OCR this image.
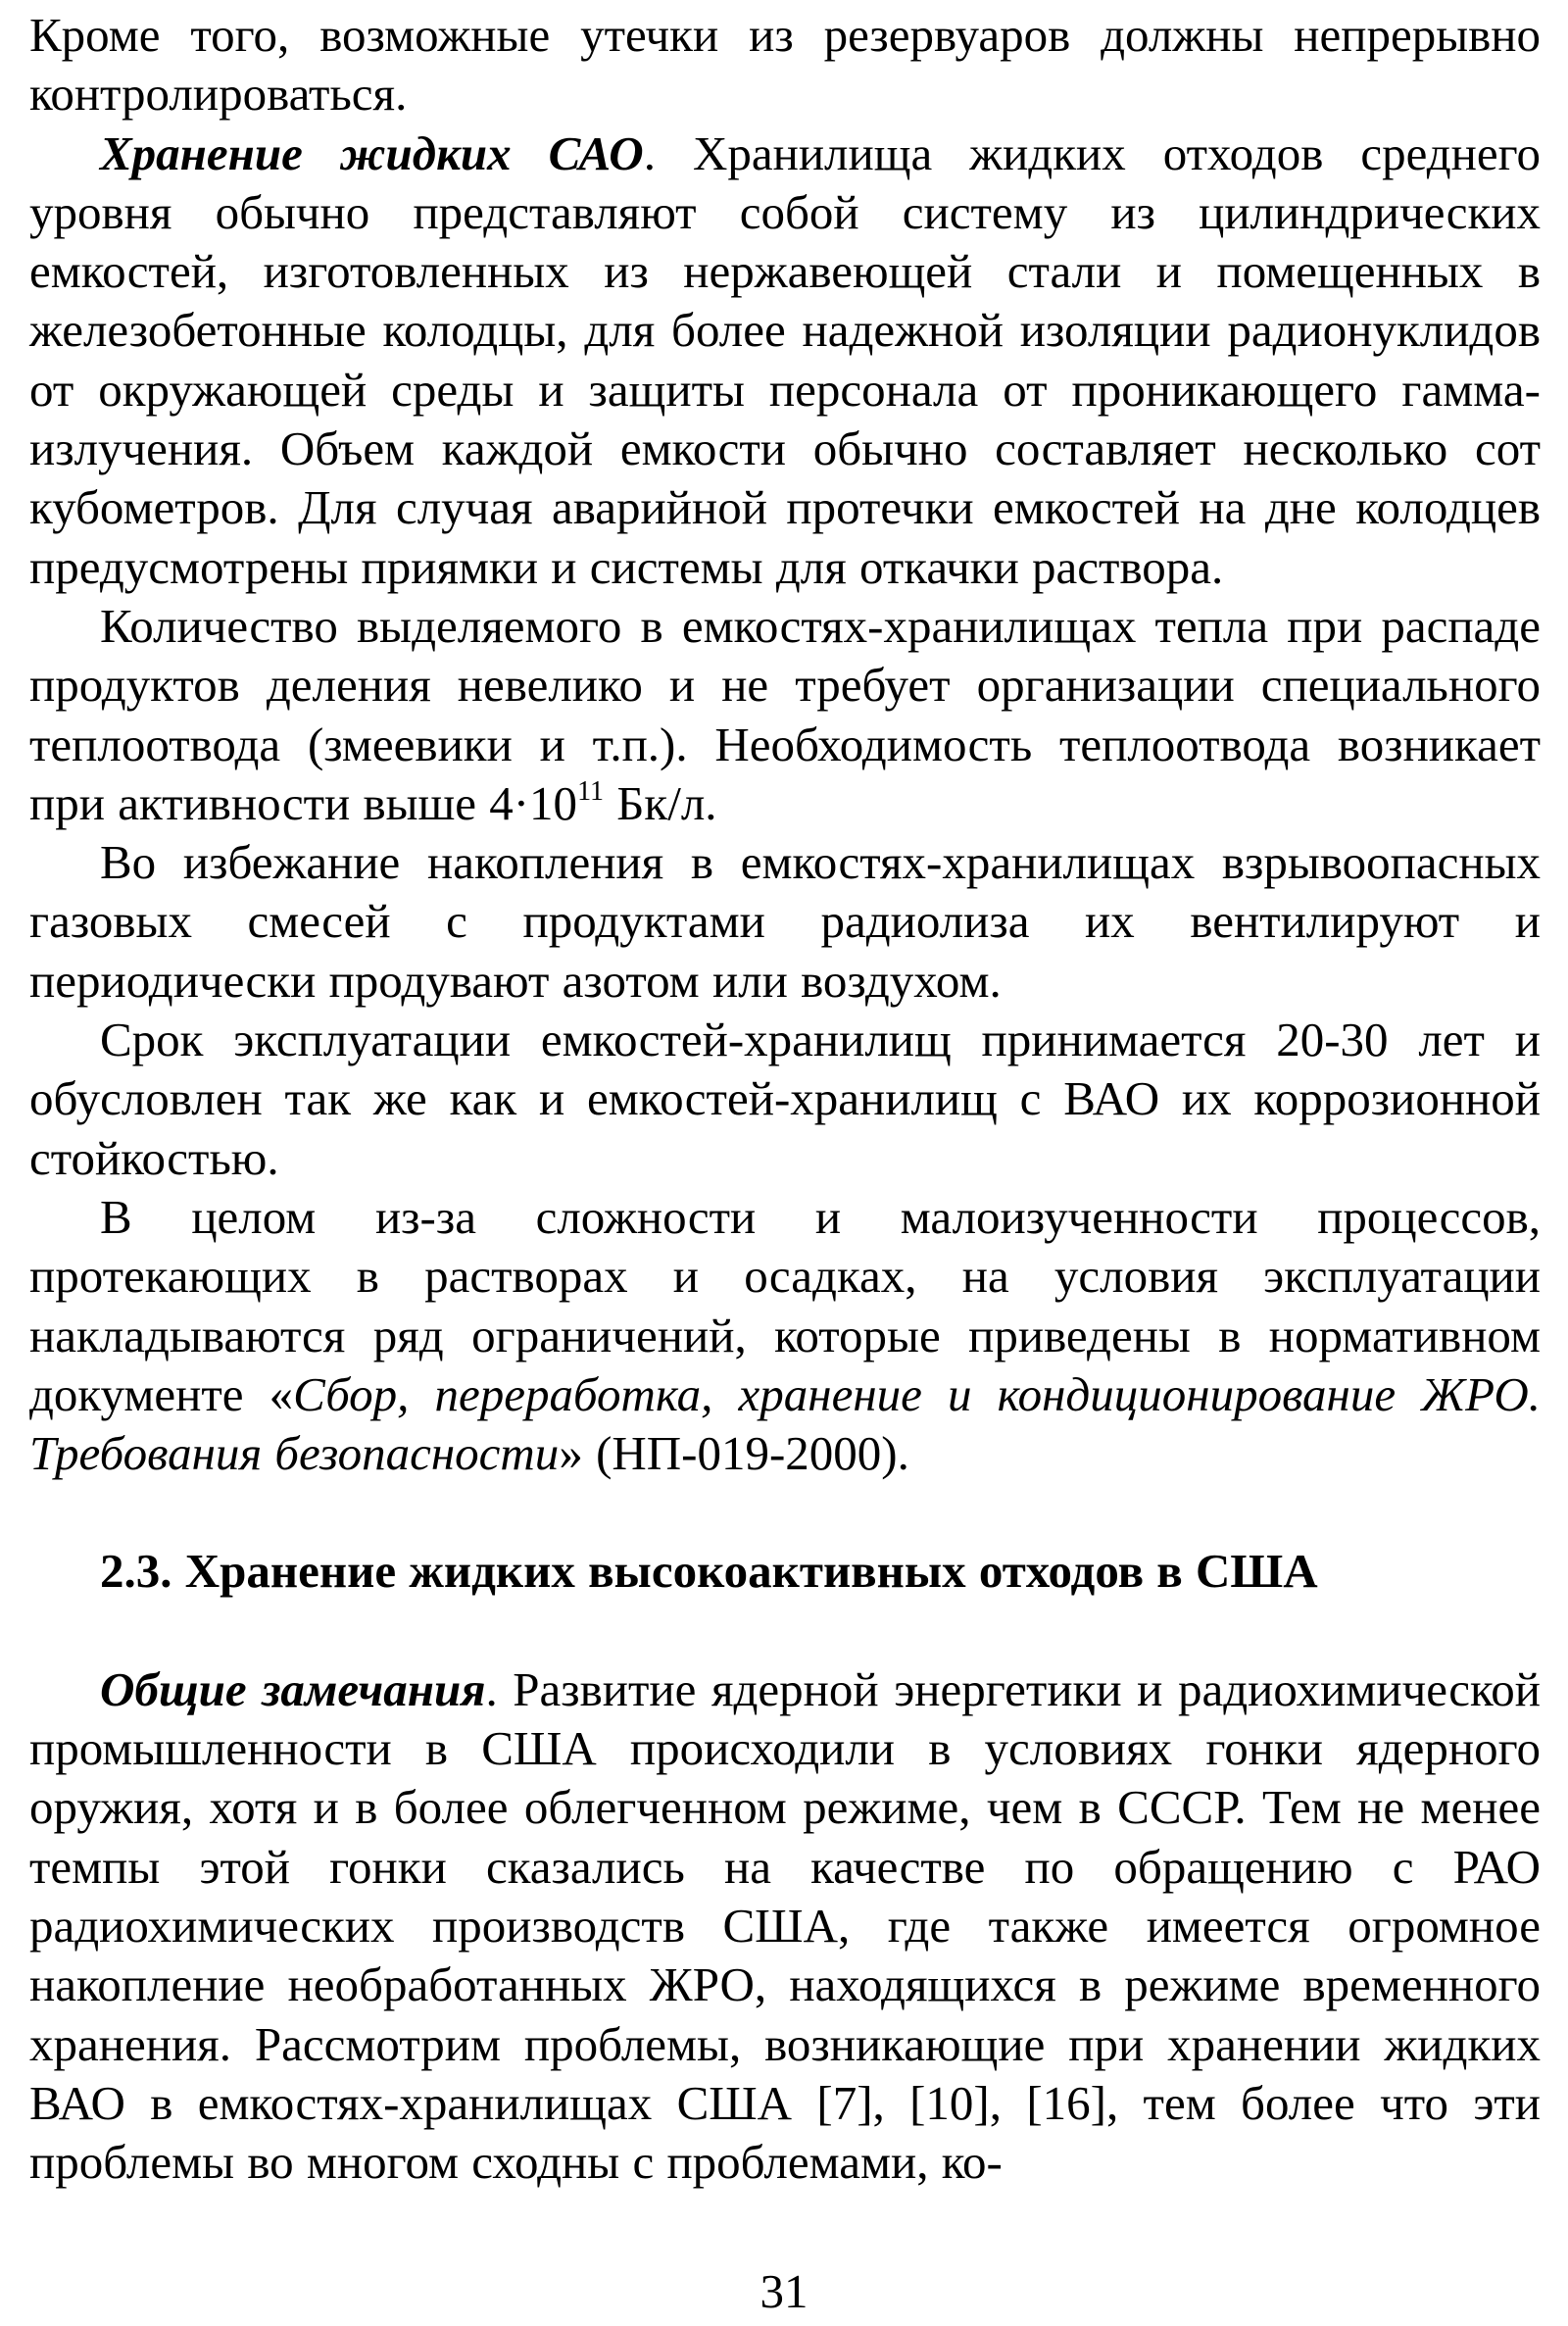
Кроме того, возможные утечки из резервуаров должны непрерывно контролироваться.

Хранение жидких САО. Хранилища жидких отходов среднего уровня обычно представляют собой систему из цилиндрических емкостей, изготовленных из нержавеющей стали и помещенных в железобетонные колодцы, для более надежной изоляции радионуклидов от окружающей среды и защиты персонала от проникающего гамма-излучения. Объем каждой емкости обычно составляет несколько сот кубометров. Для случая аварийной протечки емкостей на дне колодцев предусмотрены приямки и системы для откачки раствора.

Количество выделяемого в емкостях-хранилищах тепла при распаде продуктов деления невелико и не требует организации специального теплоотвода (змеевики и т.п.). Необходимость теплоотвода возникает при активности выше $4\cdot 10^{11}$ Бк/л.

Во избежание накопления в емкостях-хранилищах взрывоопасных газовых смесей с продуктами радиолиза их вентилируют и периодически продувают азотом или воздухом.

Срок эксплуатации емкостей-хранилищ принимается 20-30 лет и обусловлен так же как и емкостей-хранилищ с ВАО их коррозионной стойкостью.

В целом из-за сложности и малоизученности процессов, протекающих в растворах и осадках, на условия эксплуатации накладываются ряд ограничений, которые приведены в нормативном документе «Сбор, переработка, хранение и кондиционирование ЖРО. Требования безопасности» (НП-019-2000).

2.3. Хранение жидких высокоактивных отходов в США

Общие замечания. Развитие ядерной энергетики и радиохимической промышленности в США происходили в условиях гонки ядерного оружия, хотя и в более облегченном режиме, чем в СССР. Тем не менее темпы этой гонки сказались на качестве по обращению с РАО радиохимических производств США, где также имеется огромное накопление необработанных ЖРО, находящихся в режиме временного хранения. Рассмотрим проблемы, возникающие при хранении жидких ВАО в емкостях-хранилищах США [7], [10], [16], тем более что эти проблемы во многом сходны с проблемами, ко-

31
